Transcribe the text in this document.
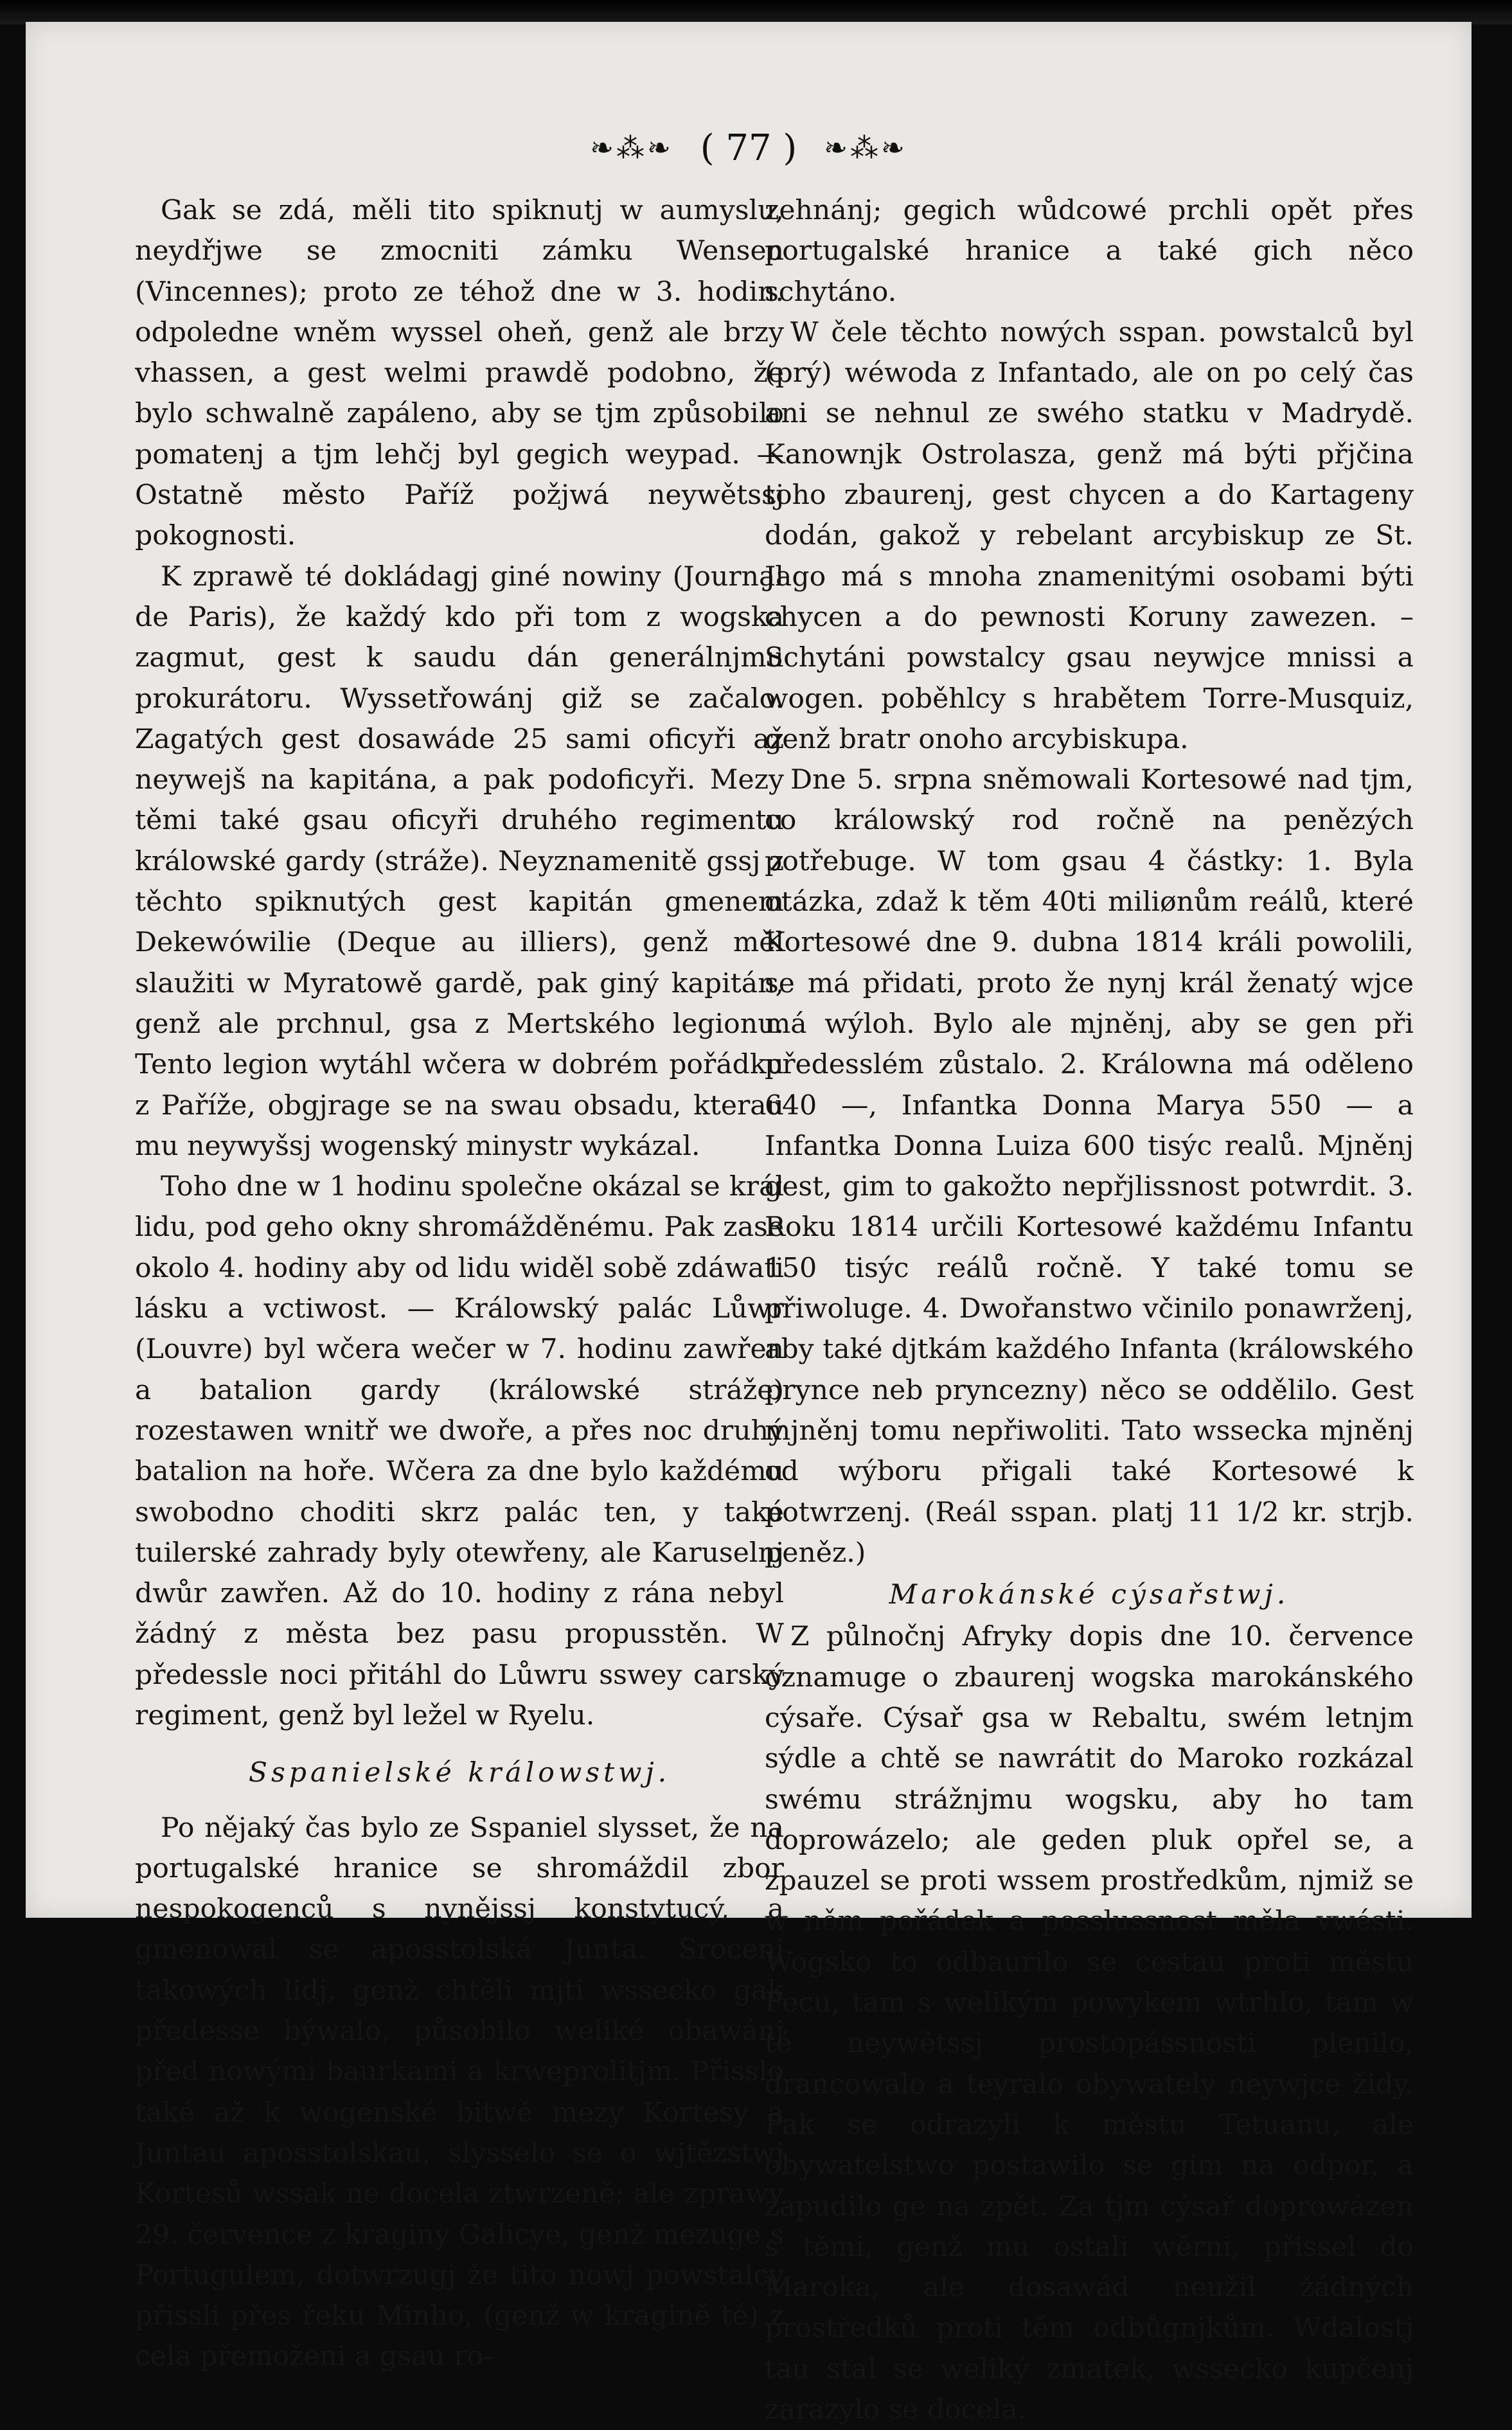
❧⁂❧ ( 77 ) ❧⁂❧

Gak se zdá, měli tito spiknutj w aumyslu, neydřjwe se zmocniti zámku Wensen (Vincennes); proto ze téhož dne w 3. hodin. odpoledne wněm wyssel oheň, genž ale brzy vhassen, a gest welmi prawdě podobno, že bylo schwalně zapáleno, aby se tjm způsobilo pomatenj a tjm lehčj byl gegich weypad. — Ostatně město Paříž požjwá neywětssj pokognosti.

K zprawě té dokládagj giné nowiny (Journal de Paris), že každý kdo při tom z wogska zagmut, gest k saudu dán generálnjmu prokurátoru. Wyssetřowánj giž se začalo. Zagatých gest dosawáde 25 sami oficyři až neywejš na kapitána, a pak podoficyři. Mezy těmi také gsau oficyři druhého regimentu králowské gardy (stráže). Neyznamenitě gssj z těchto spiknutých gest kapitán gmenem Dekewówilie (Deque au illiers), genž měl slaužiti w Myratowě gardě, pak giný kapitán, genž ale prchnul, gsa z Mertského legionu. Tento legion wytáhl wčera w dobrém pořádku z Paříže, obgjrage se na swau obsadu, kterau mu neywyšsj wogenský minystr wykázal.

Toho dne w 1 hodinu společne okázal se král lidu, pod geho okny shromážděnému. Pak zase okolo 4. hodiny aby od lidu widěl sobě zdáwati lásku a vctiwost. — Králowský palác Lůwr (Louvre) byl wčera wečer w 7. hodinu zawřen a batalion gardy (králowské stráže) rozestawen wnitř we dwoře, a přes noc druhý batalion na hoře. Wčera za dne bylo každému swobodno choditi skrz palác ten, y také tuilerské zahrady byly otewřeny, ale Karuselnj dwůr zawřen. Až do 10. hodiny z rána nebyl žádný z města bez pasu propusstěn. W předessle noci přitáhl do Lůwru sswey carský regiment, genž byl ležel w Ryelu.

Sspanielské králowstwj.

Po nějaký čas bylo ze Sspaniel slysset, že na portugalské hranice se shromáždil zbor nespokogenců s nynějssj konstytucý, a gmenowal se aposstolská Junta. Srocenj takowých lidj, genž chtěli mjti wssecko gak předesse býwalo, působilo weliké obawánj před nowými baurkami a krweprolitjm. Přisslo také až k wogenské bitwě mezy Kortesy a Juntau aposstolskau, slysselo se o wjtězstwj Kortesů wssak ne docela ztwrzeně; ale zprawy 29. července z kraginy Galicye, genž mezuge s Portugulem, dotwrzugj že tito nowj powstalcy přissli přes řeku Minho, (genž w kragině té) z cela přemoženi a gsau ro-

zehnánj; gegich wůdcowé prchli opět přes portugalské hranice a také gich něco schytáno.

W čele těchto nowých sspan. powstalců byl (prý) wéwoda z Infantado, ale on po celý čas ani se nehnul ze swého statku v Madrydě. Kanownjk Ostrolasza, genž má býti přjčina toho zbaurenj, gest chycen a do Kartageny dodán, gakož y rebelant arcybiskup ze St. Jago má s mnoha znamenitými osobami býti chycen a do pewnosti Koruny zawezen. – Schytáni powstalcy gsau neywjce mnissi a wogen. poběhlcy s hrabětem Torre-Musquiz, genž bratr onoho arcybiskupa.

Dne 5. srpna sněmowali Kortesowé nad tjm, co králowský rod ročně na penězých potřebuge. W tom gsau 4 částky: 1. Byla otázka, zdaž k těm 40ti miliønům reálů, které Kortesowé dne 9. dubna 1814 králi powolili, se má přidati, proto že nynj král ženatý wjce má wýloh. Bylo ale mjněnj, aby se gen při předesslém zůstalo. 2. Králowna má oděleno 640 —, Infantka Donna Marya 550 — a Infantka Donna Luiza 600 tisýc realů. Mjněnj gest, gim to gakožto nepřjlissnost potwrdit. 3. Roku 1814 určili Kortesowé každému Infantu 150 tisýc reálů ročně. Y také tomu se přiwoluge. 4. Dwořanstwo včinilo ponawrženj, aby také djtkám každého Infanta (králowského prynce neb pryncezny) něco se oddělilo. Gest mjněnj tomu nepřiwoliti. Tato wssecka mjněnj od wýboru přigali také Kortesowé k potwrzenj. (Reál sspan. platj 11 1/2 kr. strjb. peněz.)

Marokánské cýsařstwj.

Z půlnočnj Afryky dopis dne 10. července oznamuge o zbaurenj wogska marokánského cýsaře. Cýsař gsa w Rebaltu, swém letnjm sýdle a chtě se nawrátit do Maroko rozkázal swému strážnjmu wogsku, aby ho tam doprowázelo; ale geden pluk opřel se, a zpauzel se proti wssem prostředkům, njmiž se w něm pořádek a posslussnost měla vwésti. Wogsko to odbaurilo se cestau proti městu Fecu, tam s welikým powykem wtrhlo, tam w té neywětssj prostopássnosti plenilo, drancowalo a teyralo obywately neywjce židy. Pak se odrazyli k městu Tetuanu, ale obywatelstwo postawilo se gim na odpor, a zapudilo ge na zpět. Za tjm cýsař doprowázen s těmi, genž mu ostali wěrni, přissel do Maroka, ale dosawád neužil žádných prostředků proti těm odbůgnjkům. Wdalostj tau stal se weliký zmatek, wssecko kupčenj zarazylo se docela.
